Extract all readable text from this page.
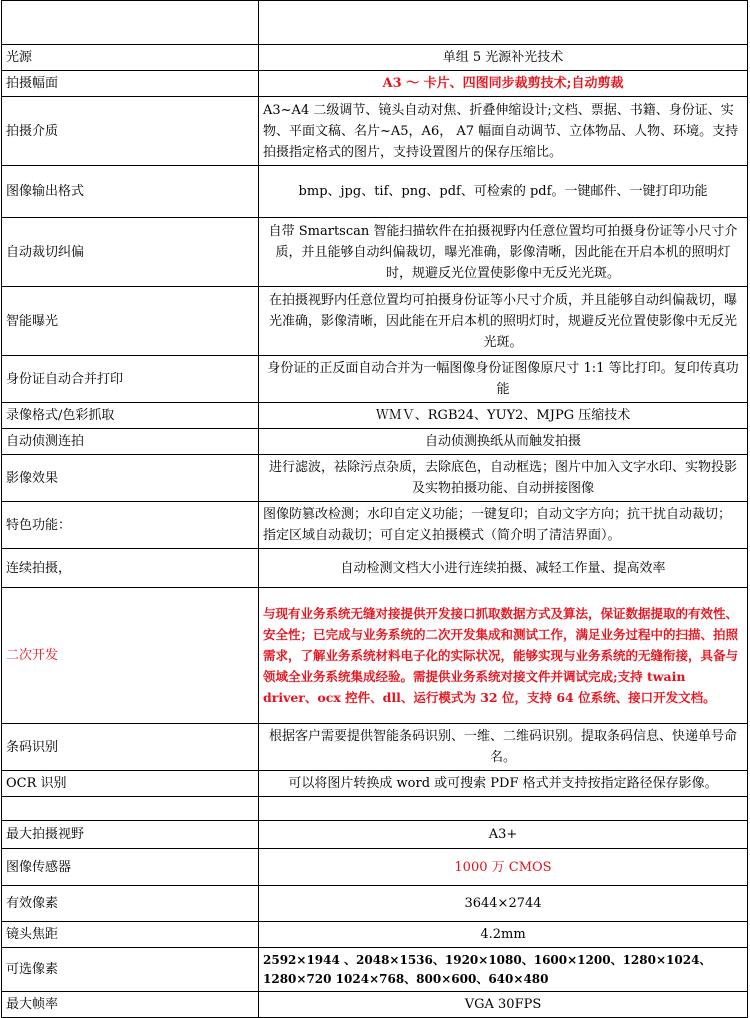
光源	单组 5 光源补光技术
拍摄幅面	A3 ～ 卡片、四图同步裁剪技术;自动剪裁
拍摄介质	A3~A4 二级调节、镜头自动对焦、折叠伸缩设计;文档、票据、书籍、身份证、实物、平面文稿、名片~A5，A6， A7 幅面自动调节、立体物品、人物、环境。支持拍摄指定格式的图片，支持设置图片的保存压缩比。
图像输出格式	bmp、jpg、tif、png、pdf、可检索的 pdf。一键邮件、一键打印功能
自动裁切纠偏	自带 Smartscan 智能扫描软件在拍摄视野内任意位置均可拍摄身份证等小尺寸介质，并且能够自动纠偏裁切，曝光准确，影像清晰，因此能在开启本机的照明灯时，规避反光位置使影像中无反光光斑。
智能曝光	在拍摄视野内任意位置均可拍摄身份证等小尺寸介质，并且能够自动纠偏裁切，曝光准确，影像清晰，因此能在开启本机的照明灯时，规避反光位置使影像中无反光光斑。
身份证自动合并打印	身份证的正反面自动合并为一幅图像身份证图像原尺寸 1:1 等比打印。复印传真功能
录像格式/色彩抓取	ＷＭＶ、RGB24、YUY2、MJPG 压缩技术
自动侦测连拍	自动侦测换纸从而触发拍摄
影像效果	进行滤波，祛除污点杂质，去除底色，自动框选；图片中加入文字水印、实物投影及实物拍摄功能、自动拼接图像
特色功能：	图像防篡改检测；水印自定义功能；一键复印；自动文字方向；抗干扰自动裁切；指定区域自动裁切；可自定义拍摄模式（简介明了清洁界面）。
连续拍摄，	自动检测文档大小进行连续拍摄、减轻工作量、提高效率
二次开发	与现有业务系统无缝对接提供开发接口抓取数据方式及算法，保证数据提取的有效性、安全性；已完成与业务系统的二次开发集成和测试工作，满足业务过程中的扫描、拍照需求，了解业务系统材料电子化的实际状况，能够实现与业务系统的无缝衔接，具备与领域全业务系统集成经验。需提供业务系统对接文件并调试完成;支持 twain driver、ocx 控件、dll、运行模式为 32 位，支持 64 位系统、接口开发文档。
条码识别	根据客户需要提供智能条码识别、一维、二维码识别。提取条码信息、快递单号命名。
OCR 识别	可以将图片转换成 word 或可搜索 PDF 格式并支持按指定路径保存影像。

最大拍摄视野	A3+
图像传感器	1000 万 CMOS
有效像素	3644×2744
镜头焦距	4.2mm
可选像素	2592×1944 、2048×1536、1920×1080、1600×1200、1280×1024、1280×720 1024×768、800×600、640×480
最大帧率	VGA 30FPS
